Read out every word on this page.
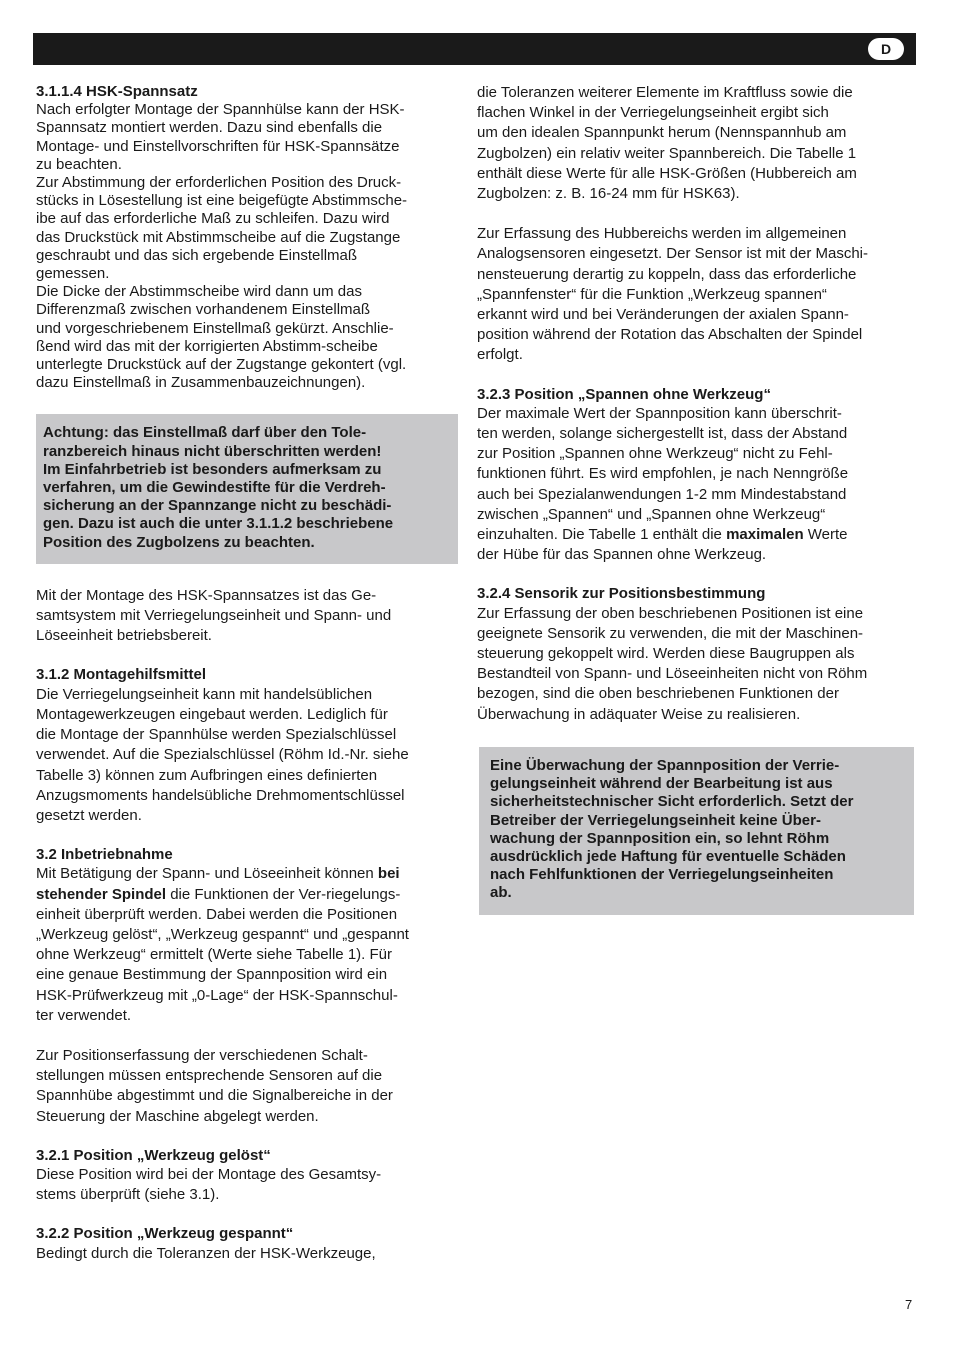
D

3.1.1.4 HSK-Spannsatz

Nach erfolgter Montage der Spannhülse kann der HSK-
Spannsatz montiert werden. Dazu sind ebenfalls die
Montage- und Einstellvorschriften für HSK-Spannsätze
zu beachten.
Zur Abstimmung der erforderlichen Position des Druck-
stücks in Lösestellung ist eine beigefügte Abstimmsche-
ibe auf das erforderliche Maß zu schleifen. Dazu wird
das Druckstück mit Abstimmscheibe auf die Zugstange
geschraubt und das sich ergebende Einstellmaß
gemessen.
Die Dicke der Abstimmscheibe wird dann um das
Differenzmaß zwischen vorhandenem Einstellmaß
und vorgeschriebenem Einstellmaß gekürzt. Anschlie-
ßend wird das mit der korrigierten Abstimm-scheibe
unterlegte Druckstück auf der Zugstange gekontert (vgl.
dazu Einstellmaß in Zusammenbauzeichnungen).

Achtung: das Einstellmaß darf über den Tole-
ranzbereich hinaus nicht überschritten werden!
Im Einfahrbetrieb ist besonders aufmerksam zu
verfahren, um die Gewindestifte für die Verdreh-
sicherung an der Spannzange nicht zu beschädi-
gen. Dazu ist auch die unter 3.1.1.2 beschriebene
Position des Zugbolzens zu beachten.

Mit der Montage des HSK-Spannsatzes ist das Ge-
samtsystem mit Verriegelungseinheit und Spann- und
Löseeinheit betriebsbereit.

3.1.2 Montagehilfsmittel

Die Verriegelungseinheit kann mit handelsüblichen
Montagewerkzeugen eingebaut werden. Lediglich für
die Montage der Spannhülse werden Spezialschlüssel
verwendet. Auf die Spezialschlüssel (Röhm Id.-Nr. siehe
Tabelle 3) können zum Aufbringen eines definierten
Anzugsmoments handelsübliche Drehmomentschlüssel
gesetzt werden.

3.2 Inbetriebnahme

Mit Betätigung der Spann- und Löseeinheit können bei
stehender Spindel die Funktionen der Ver-riegelungs-
einheit überprüft werden. Dabei werden die Positionen
„Werkzeug gelöst“, „Werkzeug gespannt“ und „gespannt
ohne Werkzeug“ ermittelt (Werte siehe Tabelle 1). Für
eine genaue Bestimmung der Spannposition wird ein
HSK-Prüfwerkzeug mit „0-Lage“ der HSK-Spannschul-
ter verwendet.

Zur Positionserfassung der verschiedenen Schalt-
stellungen müssen entsprechende Sensoren auf die
Spannhübe abgestimmt und die Signalbereiche in der
Steuerung der Maschine abgelegt werden.

3.2.1 Position „Werkzeug gelöst“

Diese Position wird bei der Montage des Gesamtsy-
stems überprüft (siehe 3.1).

3.2.2 Position „Werkzeug gespannt“

Bedingt durch die Toleranzen der HSK-Werkzeuge,

die Toleranzen weiterer Elemente im Kraftfluss sowie die
flachen Winkel in der Verriegelungseinheit ergibt sich
um den idealen Spannpunkt herum (Nennspannhub am
Zugbolzen) ein relativ weiter Spannbereich. Die Tabelle 1
enthält diese Werte für alle HSK-Größen (Hubbereich am
Zugbolzen: z. B. 16-24 mm für HSK63).

Zur Erfassung des Hubbereichs werden im allgemeinen
Analogsensoren eingesetzt. Der Sensor ist mit der Maschi-
nensteuerung derartig zu koppeln, dass das erforderliche
„Spannfenster“ für die Funktion „Werkzeug spannen“
erkannt wird und bei Veränderungen der axialen Spann-
position während der Rotation das Abschalten der Spindel
erfolgt.

3.2.3 Position „Spannen ohne Werkzeug“

Der maximale Wert der Spannposition kann überschrit-
ten werden, solange sichergestellt ist, dass der Abstand
zur Position „Spannen ohne Werkzeug“ nicht zu Fehl-
funktionen führt. Es wird empfohlen, je nach Nenngröße
auch bei Spezialanwendungen 1-2 mm Mindestabstand
zwischen „Spannen“ und „Spannen ohne Werkzeug“
einzuhalten. Die Tabelle 1 enthält die maximalen Werte
der Hübe für das Spannen ohne Werkzeug.

3.2.4 Sensorik zur Positionsbestimmung

Zur Erfassung der oben beschriebenen Positionen ist eine
geeignete Sensorik zu verwenden, die mit der Maschinen-
steuerung gekoppelt wird. Werden diese Baugruppen als
Bestandteil von Spann- und Löseeinheiten nicht von Röhm
bezogen, sind die oben beschriebenen Funktionen der
Überwachung in adäquater Weise zu realisieren.

Eine Überwachung der Spannposition der Verrie-
gelungseinheit während der Bearbeitung ist aus
sicherheitstechnischer Sicht erforderlich. Setzt der
Betreiber der Verriegelungseinheit keine Über-
wachung der Spannposition ein, so lehnt Röhm
ausdrücklich jede Haftung für eventuelle Schäden
nach Fehlfunktionen der Verriegelungseinheiten
ab.
7
